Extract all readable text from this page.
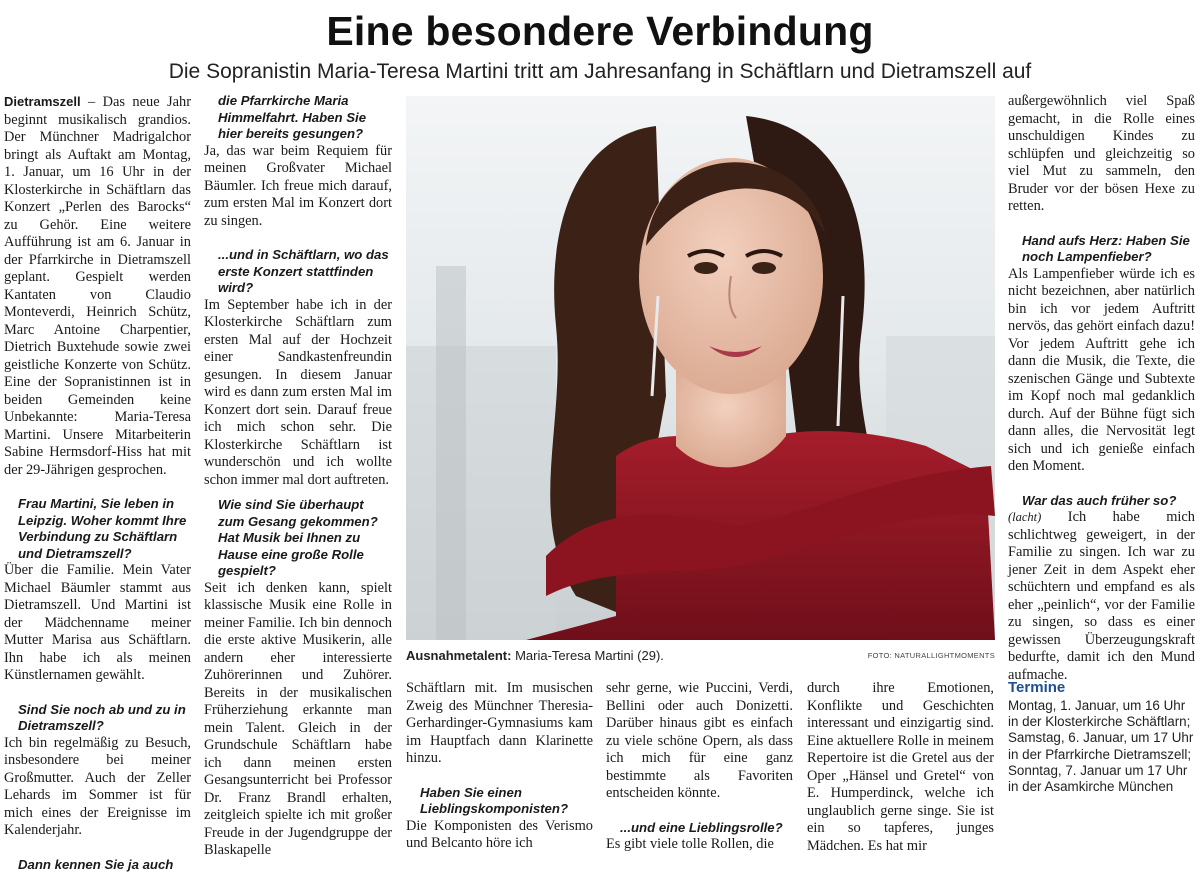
Eine besondere Verbindung
Die Sopranistin Maria-Teresa Martini tritt am Jahresanfang in Schäftlarn und Dietramszell auf

Dietramszell – Das neue Jahr beginnt musikalisch grandios. Der Münchner Madrigalchor bringt als Auftakt am Montag, 1. Januar, um 16 Uhr in der Klosterkirche in Schäftlarn das Konzert „Perlen des Barocks“ zu Gehör. Eine weitere Aufführung ist am 6. Januar in der Pfarrkirche in Dietramszell geplant. Gespielt werden Kantaten von Claudio Monteverdi, Heinrich Schütz, Marc Antoine Charpentier, Dietrich Buxtehude sowie zwei geistliche Konzerte von Schütz. Eine der Sopranistinnen ist in beiden Gemeinden keine Unbekannte: Maria-Teresa Martini. Unsere Mitarbeiterin Sabine Hermsdorf-Hiss hat mit der 29-Jährigen gesprochen.

Frau Martini, Sie leben in Leipzig. Woher kommt Ihre Verbindung zu Schäftlarn und Dietramszell?

Über die Familie. Mein Vater Michael Bäumler stammt aus Dietramszell. Und Martini ist der Mädchenname meiner Mutter Marisa aus Schäftlarn. Ihn habe ich als meinen Künstlernamen gewählt.

Sind Sie noch ab und zu in Dietramszell?

Ich bin regelmäßig zu Besuch, insbesondere bei meiner Großmutter. Auch der Zeller Lehards im Sommer ist für mich eines der Ereignisse im Kalenderjahr.

Dann kennen Sie ja auch

die Pfarrkirche Maria Himmelfahrt. Haben Sie hier bereits gesungen?

Ja, das war beim Requiem für meinen Großvater Michael Bäumler. Ich freue mich darauf, zum ersten Mal im Konzert dort zu singen.

...und in Schäftlarn, wo das erste Konzert stattfinden wird?

Im September habe ich in der Klosterkirche Schäftlarn zum ersten Mal auf der Hochzeit einer Sandkastenfreundin gesungen. In diesem Januar wird es dann zum ersten Mal im Konzert dort sein. Darauf freue ich mich schon sehr. Die Klosterkirche Schäftlarn ist wunderschön und ich wollte schon immer mal dort auftreten.

Wie sind Sie überhaupt zum Gesang gekommen? Hat Musik bei Ihnen zu Hause eine große Rolle gespielt?

Seit ich denken kann, spielt klassische Musik eine Rolle in meiner Familie. Ich bin dennoch die erste aktive Musikerin, alle andern eher interessierte Zuhörerinnen und Zuhörer. Bereits in der musikalischen Früherziehung erkannte man mein Talent. Gleich in der Grundschule Schäftlarn habe ich dann meinen ersten Gesangsunterricht bei Professor Dr. Franz Brandl erhalten, zeitgleich spielte ich mit großer Freude in der Jugendgruppe der Blaskapelle

Ausnahmetalent: Maria-Teresa Martini (29).	FOTO: NATURALLIGHTMOMENTS

Schäftlarn mit. Im musischen Zweig des Münchner Theresia-Gerhardinger-Gymnasiums kam im Hauptfach dann Klarinette hinzu.

Haben Sie einen Lieblingskomponisten?

Die Komponisten des Verismo und Belcanto höre ich

sehr gerne, wie Puccini, Verdi, Bellini oder auch Donizetti. Darüber hinaus gibt es einfach zu viele schöne Opern, als dass ich mich für eine ganz bestimmte als Favoriten entscheiden könnte.

...und eine Lieblingsrolle?

Es gibt viele tolle Rollen, die

durch ihre Emotionen, Konflikte und Geschichten interessant und einzigartig sind. Eine aktuellere Rolle in meinem Repertoire ist die Gretel aus der Oper „Hänsel und Gretel“ von E. Humperdinck, welche ich unglaublich gerne singe. Sie ist ein so tapferes, junges Mädchen. Es hat mir

außergewöhnlich viel Spaß gemacht, in die Rolle eines unschuldigen Kindes zu schlüpfen und gleichzeitig so viel Mut zu sammeln, den Bruder vor der bösen Hexe zu retten.

Hand aufs Herz: Haben Sie noch Lampenfieber?

Als Lampenfieber würde ich es nicht bezeichnen, aber natürlich bin ich vor jedem Auftritt nervös, das gehört einfach dazu! Vor jedem Auftritt gehe ich dann die Musik, die Texte, die szenischen Gänge und Subtexte im Kopf noch mal gedanklich durch. Auf der Bühne fügt sich dann alles, die Nervosität legt sich und ich genieße einfach den Moment.

War das auch früher so?

(lacht) Ich habe mich schlichtweg geweigert, in der Familie zu singen. Ich war zu jener Zeit in dem Aspekt eher schüchtern und empfand es als eher „peinlich“, vor der Familie zu singen, so dass es einer gewissen Überzeugungskraft bedurfte, damit ich den Mund aufmache.

Termine
Montag, 1. Januar, um 16 Uhr in der Klosterkirche Schäftlarn;
Samstag, 6. Januar, um 17 Uhr in der Pfarrkirche Dietramszell;
Sonntag, 7. Januar um 17 Uhr in der Asamkirche München
